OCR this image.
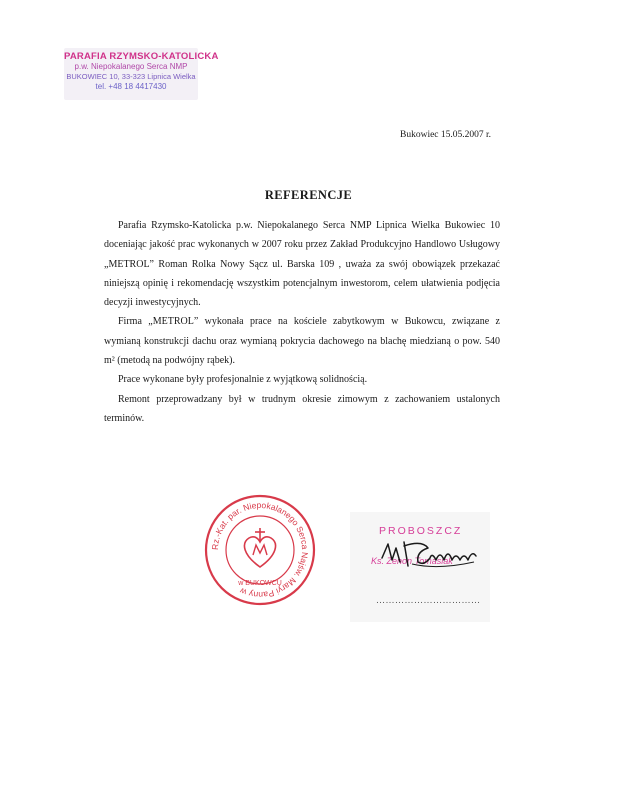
PARAFIA RZYMSKO-KATOLICKA
p.w. Niepokalanego Serca NMP
BUKOWIEC 10, 33-323 Lipnica Wielka
tel. +48 18 4417430
Bukowiec 15.05.2007 r.
REFERENCJE

Parafia Rzymsko-Katolicka p.w. Niepokalanego Serca NMP Lipnica Wielka Bukowiec 10 doceniając jakość prac wykonanych w 2007 roku przez Zakład Produkcyjno Handlowo Usługowy „METROL” Roman Rolka Nowy Sącz ul. Barska 109 , uważa za swój obowiązek przekazać niniejszą opinię i rekomendację wszystkim potencjalnym inwestorom, celem ułatwienia podjęcia decyzji inwestycyjnych.

Firma „METROL” wykonała prace na kościele zabytkowym w Bukowcu, związane z wymianą konstrukcji dachu oraz wymianą pokrycia dachowego na blachę miedzianą o pow. 540 m² (metodą na podwójny rąbek).

Prace wykonane były profesjonalnie z wyjątkową solidnością.

Remont przeprowadzany był w trudnym okresie zimowym z zachowaniem ustalonych terminów.

Rz.-Kat. par. Niepokalanego Serca Najśw. Maryi Panny w
w BUKOWCU
PROBOSZCZ
Ks. Zenon Tomasiak
……………………………
